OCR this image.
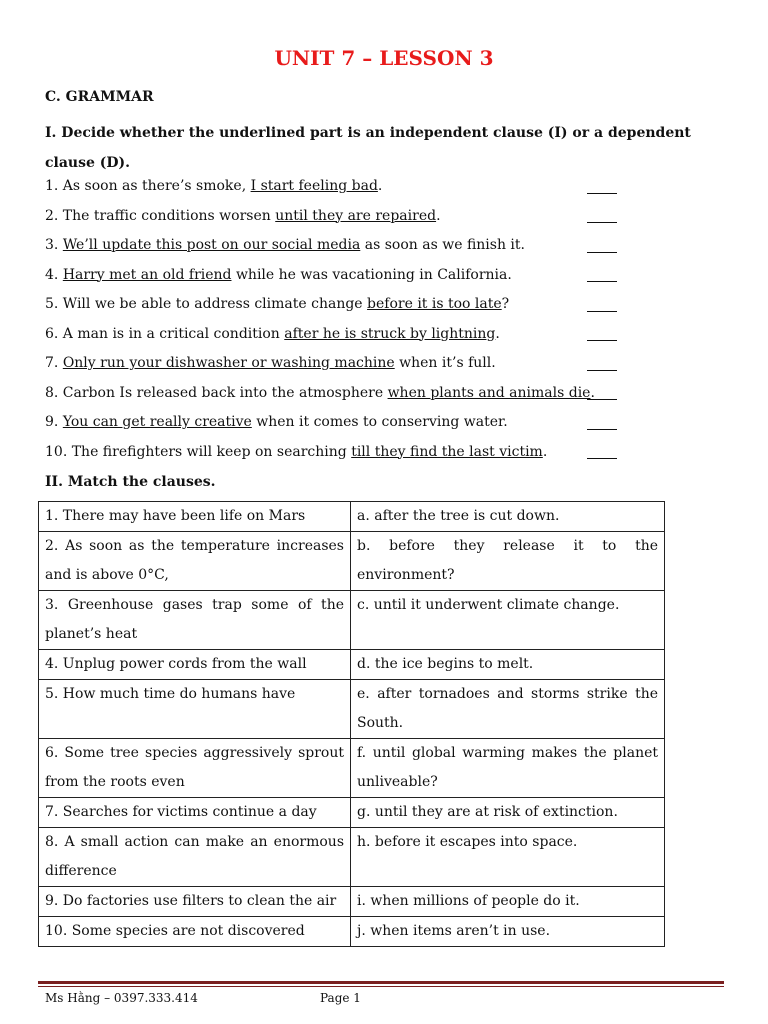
UNIT 7 – LESSON 3
C. GRAMMAR
I. Decide whether the underlined part is an independent clause (I) or a dependent clause (D).
1. As soon as there’s smoke, I start feeling bad.
2. The traffic conditions worsen until they are repaired.
3. We’ll update this post on our social media as soon as we finish it.
4. Harry met an old friend while he was vacationing in California.
5. Will we be able to address climate change before it is too late?
6. A man is in a critical condition after he is struck by lightning.
7. Only run your dishwasher or washing machine when it’s full.
8. Carbon Is released back into the atmosphere when plants and animals die.
9. You can get really creative when it comes to conserving water.
10. The firefighters will keep on searching till they find the last victim.
II. Match the clauses.
1. There may have been life on Mars	a. after the tree is cut down.
2. As soon as the temperature increases and is above 0°C,	b. before they release it to the environment?
3. Greenhouse gases trap some of the planet’s heat	c. until it underwent climate change.
4. Unplug power cords from the wall	d. the ice begins to melt.
5. How much time do humans have	e. after tornadoes and storms strike the South.
6. Some tree species aggressively sprout from the roots even	f. until global warming makes the planet unliveable?
7. Searches for victims continue a day	g. until they are at risk of extinction.
8. A small action can make an enormous difference	h. before it escapes into space.
9. Do factories use filters to clean the air	i. when millions of people do it.
10. Some species are not discovered	j. when items aren’t in use.
Ms Hằng – 0397.333.414	Page 1
